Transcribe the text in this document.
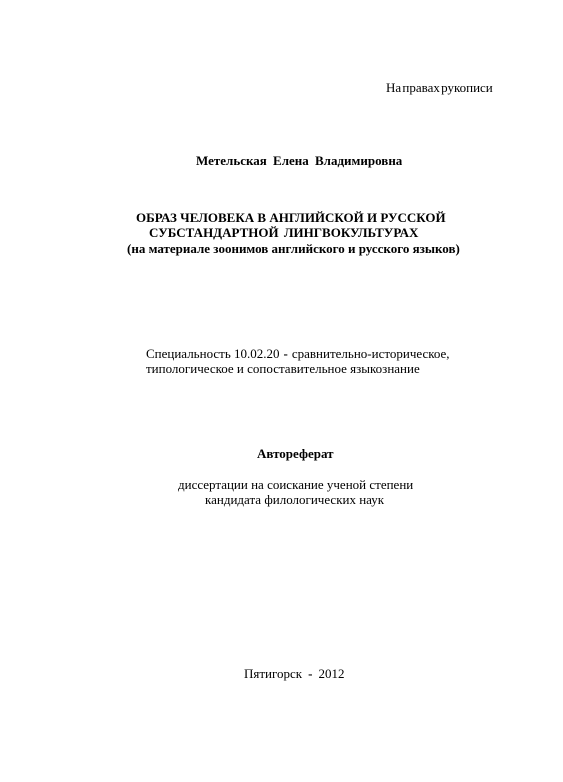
На правах рукописи
Метельская Елена Владимировна
ОБРАЗ ЧЕЛОВЕКА В АНГЛИЙСКОЙ И РУССКОЙ
СУБСТАНДАРТНОЙ ЛИНГВОКУЛЬТУРАХ
(на материале зоонимов английского и русского языков)
Специальность 10.02.20 - сравнительно-историческое,
типологическое и сопоставительное языкознание
Автореферат
диссертации на соискание ученой степени
кандидата филологических наук
Пятигорск - 2012
